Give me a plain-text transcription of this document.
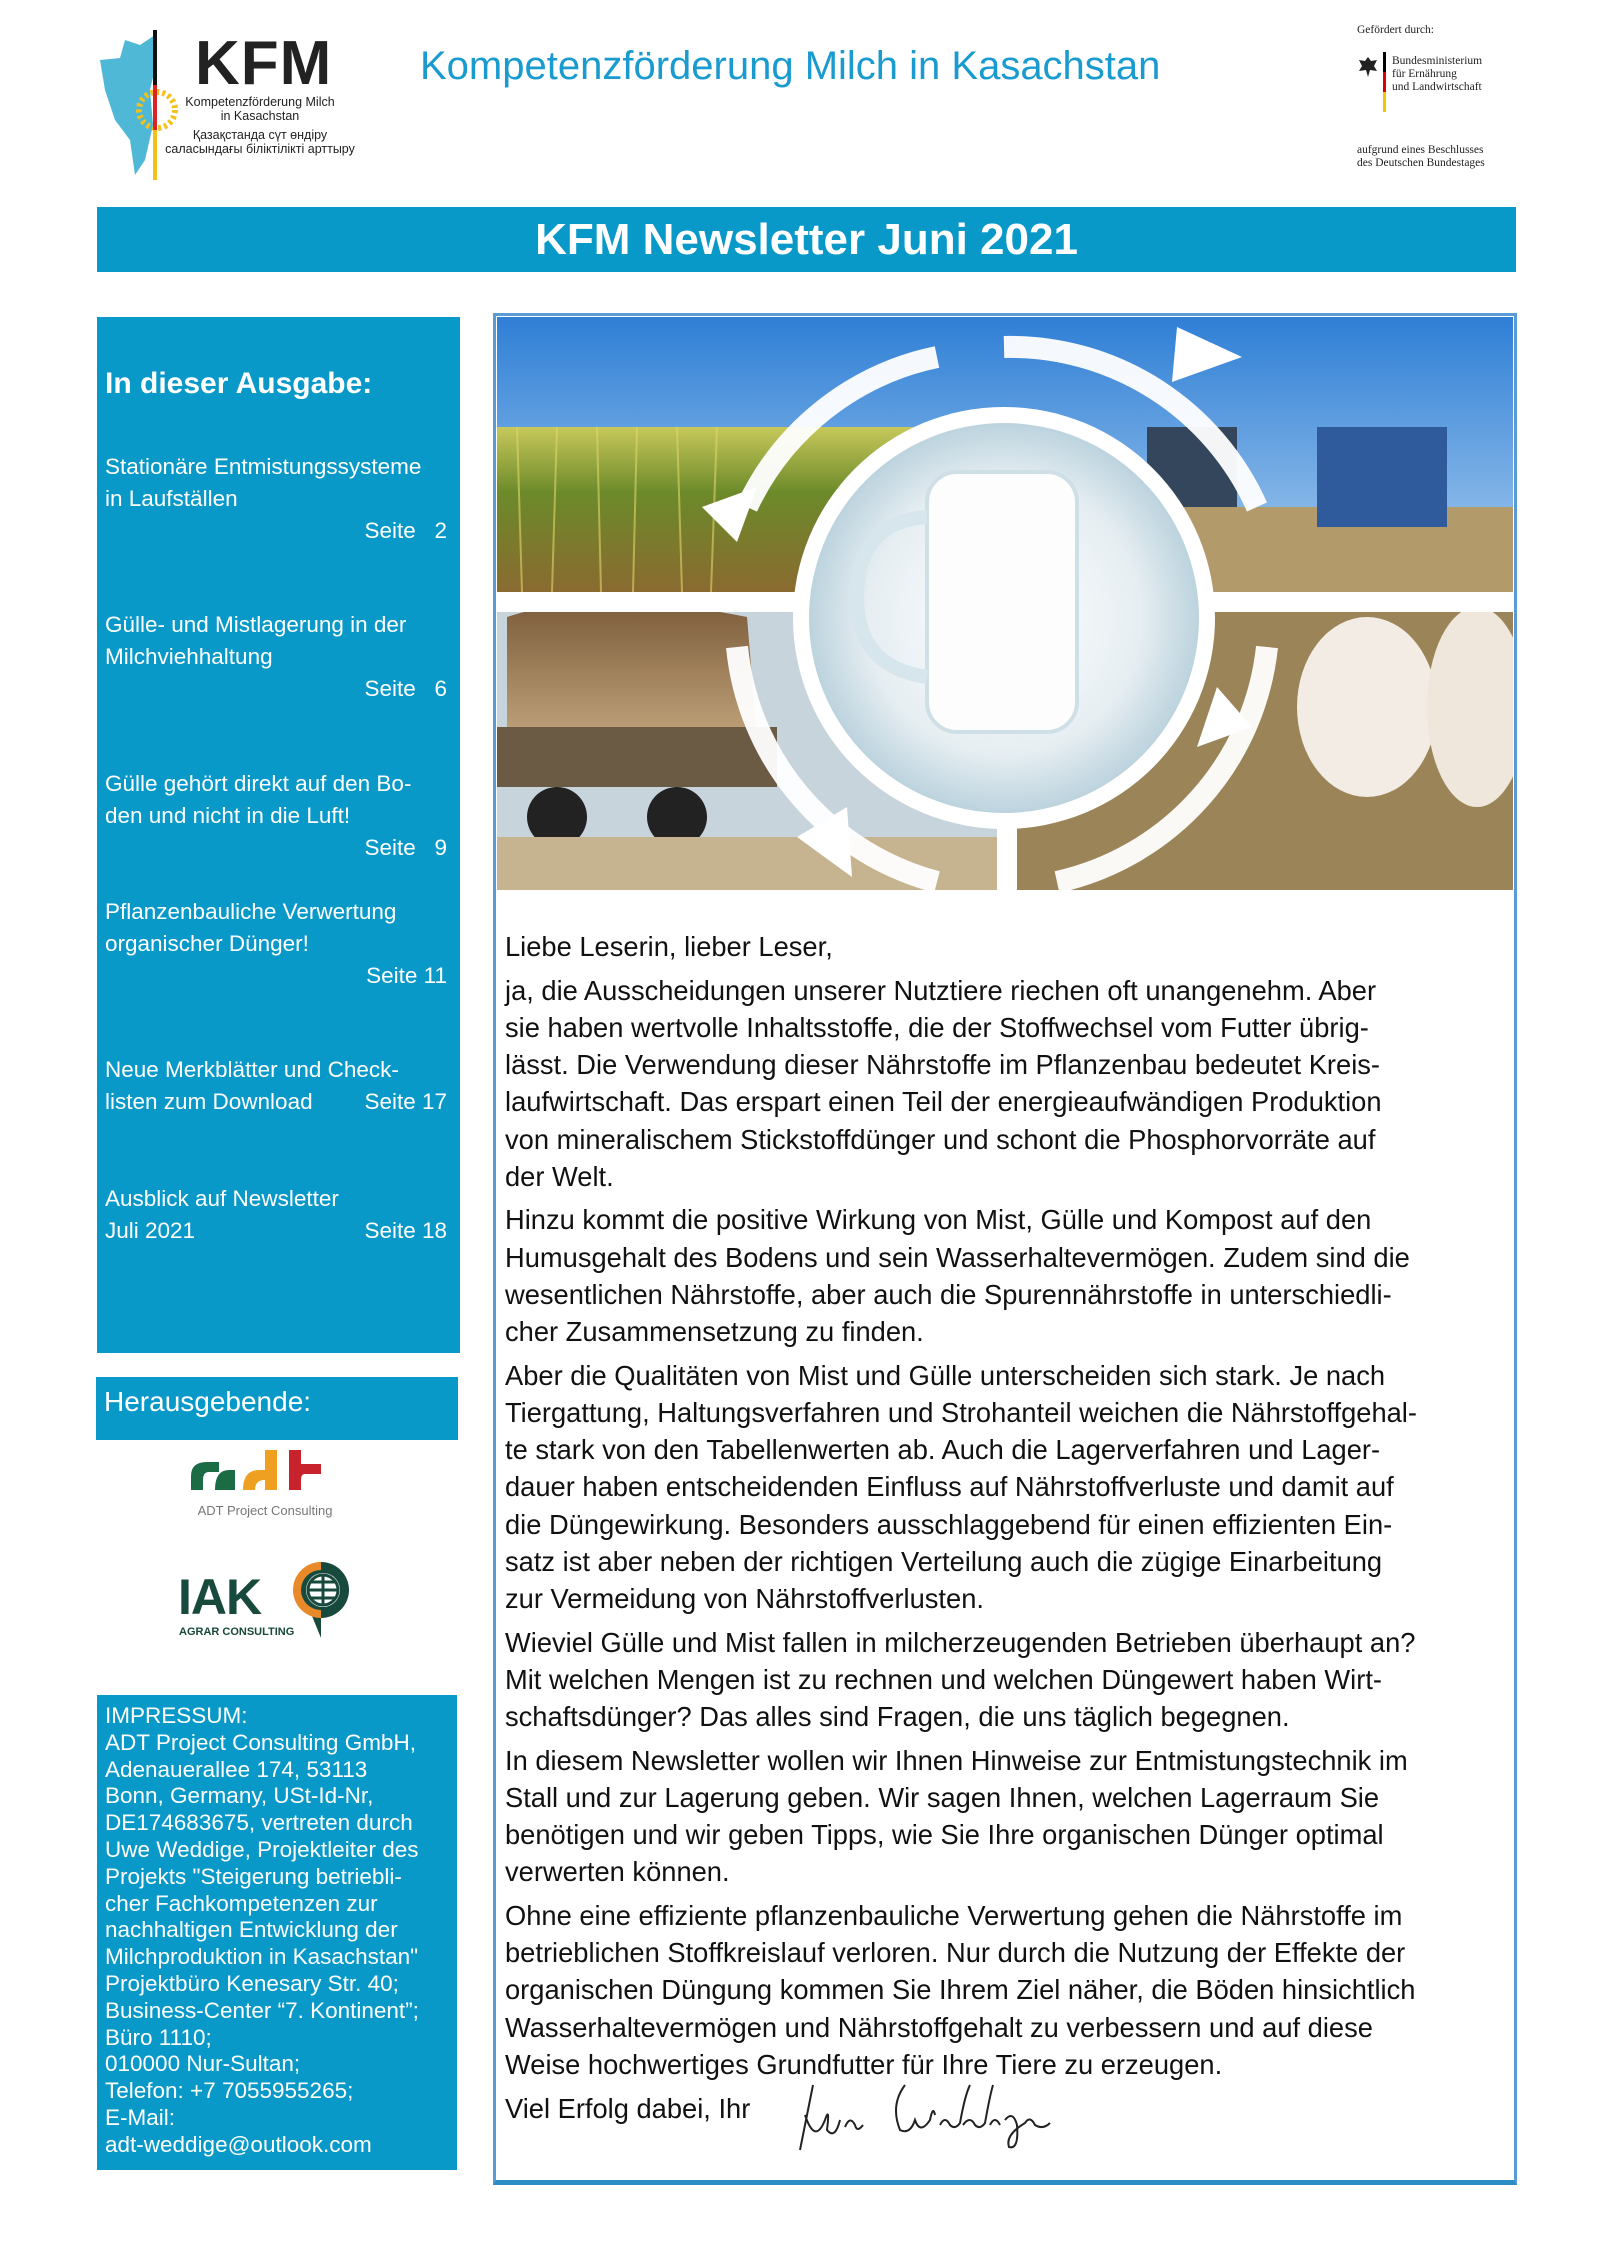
KFM
Kompetenzförderung Milch
in Kasachstan
Қазақстанда сүт өндіру
саласындағы біліктілікті арттыру
Kompetenzförderung Milch in Kasachstan
Gefördert durch:
Bundesministerium
für Ernährung
und Landwirtschaft
aufgrund eines Beschlusses
des Deutschen Bundestages
KFM Newsletter Juni 2021
In dieser Ausgabe:
Stationäre Entmistungssysteme
in Laufställen
Seite   2
Gülle- und Mistlagerung in der
Milchviehhaltung
Seite   6
Gülle gehört direkt auf den Bo-
den und nicht in die Luft!
Seite   9
Pflanzenbauliche Verwertung
organischer Dünger!
Seite 11
Neue Merkblätter und Check-
listen zum Download Seite 17
Ausblick auf Newsletter
Juli 2021	Seite 18
Herausgebende:
ADT Project Consulting
IAK
AGRAR CONSULTING
IMPRESSUM:
ADT Project Consulting GmbH,
Adenauerallee 174, 53113
Bonn, Germany, USt-Id-Nr,
DE174683675, vertreten durch
Uwe Weddige, Projektleiter des
Projekts "Steigerung betriebli-
cher Fachkompetenzen zur
nachhaltigen Entwicklung der
Milchproduktion in Kasachstan"
Projektbüro Kenesary Str. 40;
Business-Center “7. Kontinent”;
Büro 1110;
010000 Nur-Sultan;
Telefon: +7 7055955265;
E-Mail:
adt-weddige@outlook.com

Liebe Leserin, lieber Leser,

ja, die Ausscheidungen unserer Nutztiere riechen oft unangenehm. Aber
sie haben wertvolle Inhaltsstoffe, die der Stoffwechsel vom Futter übrig-
lässt. Die Verwendung dieser Nährstoffe im Pflanzenbau bedeutet Kreis-
laufwirtschaft. Das erspart einen Teil der energieaufwändigen Produktion
von mineralischem Stickstoffdünger und schont die Phosphorvorräte auf
der Welt.

Hinzu kommt die positive Wirkung von Mist, Gülle und Kompost auf den
Humusgehalt des Bodens und sein Wasserhaltevermögen. Zudem sind die
wesentlichen Nährstoffe, aber auch die Spurennährstoffe in unterschiedli-
cher Zusammensetzung zu finden.

Aber die Qualitäten von Mist und Gülle unterscheiden sich stark. Je nach
Tiergattung, Haltungsverfahren und Strohanteil weichen die Nährstoffgehal-
te stark von den Tabellenwerten ab. Auch die Lagerverfahren und Lager-
dauer haben entscheidenden Einfluss auf Nährstoffverluste und damit auf
die Düngewirkung. Besonders ausschlaggebend für einen effizienten Ein-
satz ist aber neben der richtigen Verteilung auch die zügige Einarbeitung
zur Vermeidung von Nährstoffverlusten.

Wieviel Gülle und Mist fallen in milcherzeugenden Betrieben überhaupt an?
Mit welchen Mengen ist zu rechnen und welchen Düngewert haben Wirt-
schaftsdünger? Das alles sind Fragen, die uns täglich begegnen.

In diesem Newsletter wollen wir Ihnen Hinweise zur Entmistungstechnik im
Stall und zur Lagerung geben. Wir sagen Ihnen, welchen Lagerraum Sie
benötigen und wir geben Tipps, wie Sie Ihre organischen Dünger optimal
verwerten können.

Ohne eine effiziente pflanzenbauliche Verwertung gehen die Nährstoffe im
betrieblichen Stoffkreislauf verloren. Nur durch die Nutzung der Effekte der
organischen Düngung kommen Sie Ihrem Ziel näher, die Böden hinsichtlich
Wasserhaltevermögen und Nährstoffgehalt zu verbessern und auf diese
Weise hochwertiges Grundfutter für Ihre Tiere zu erzeugen.

Viel Erfolg dabei, Ihr
